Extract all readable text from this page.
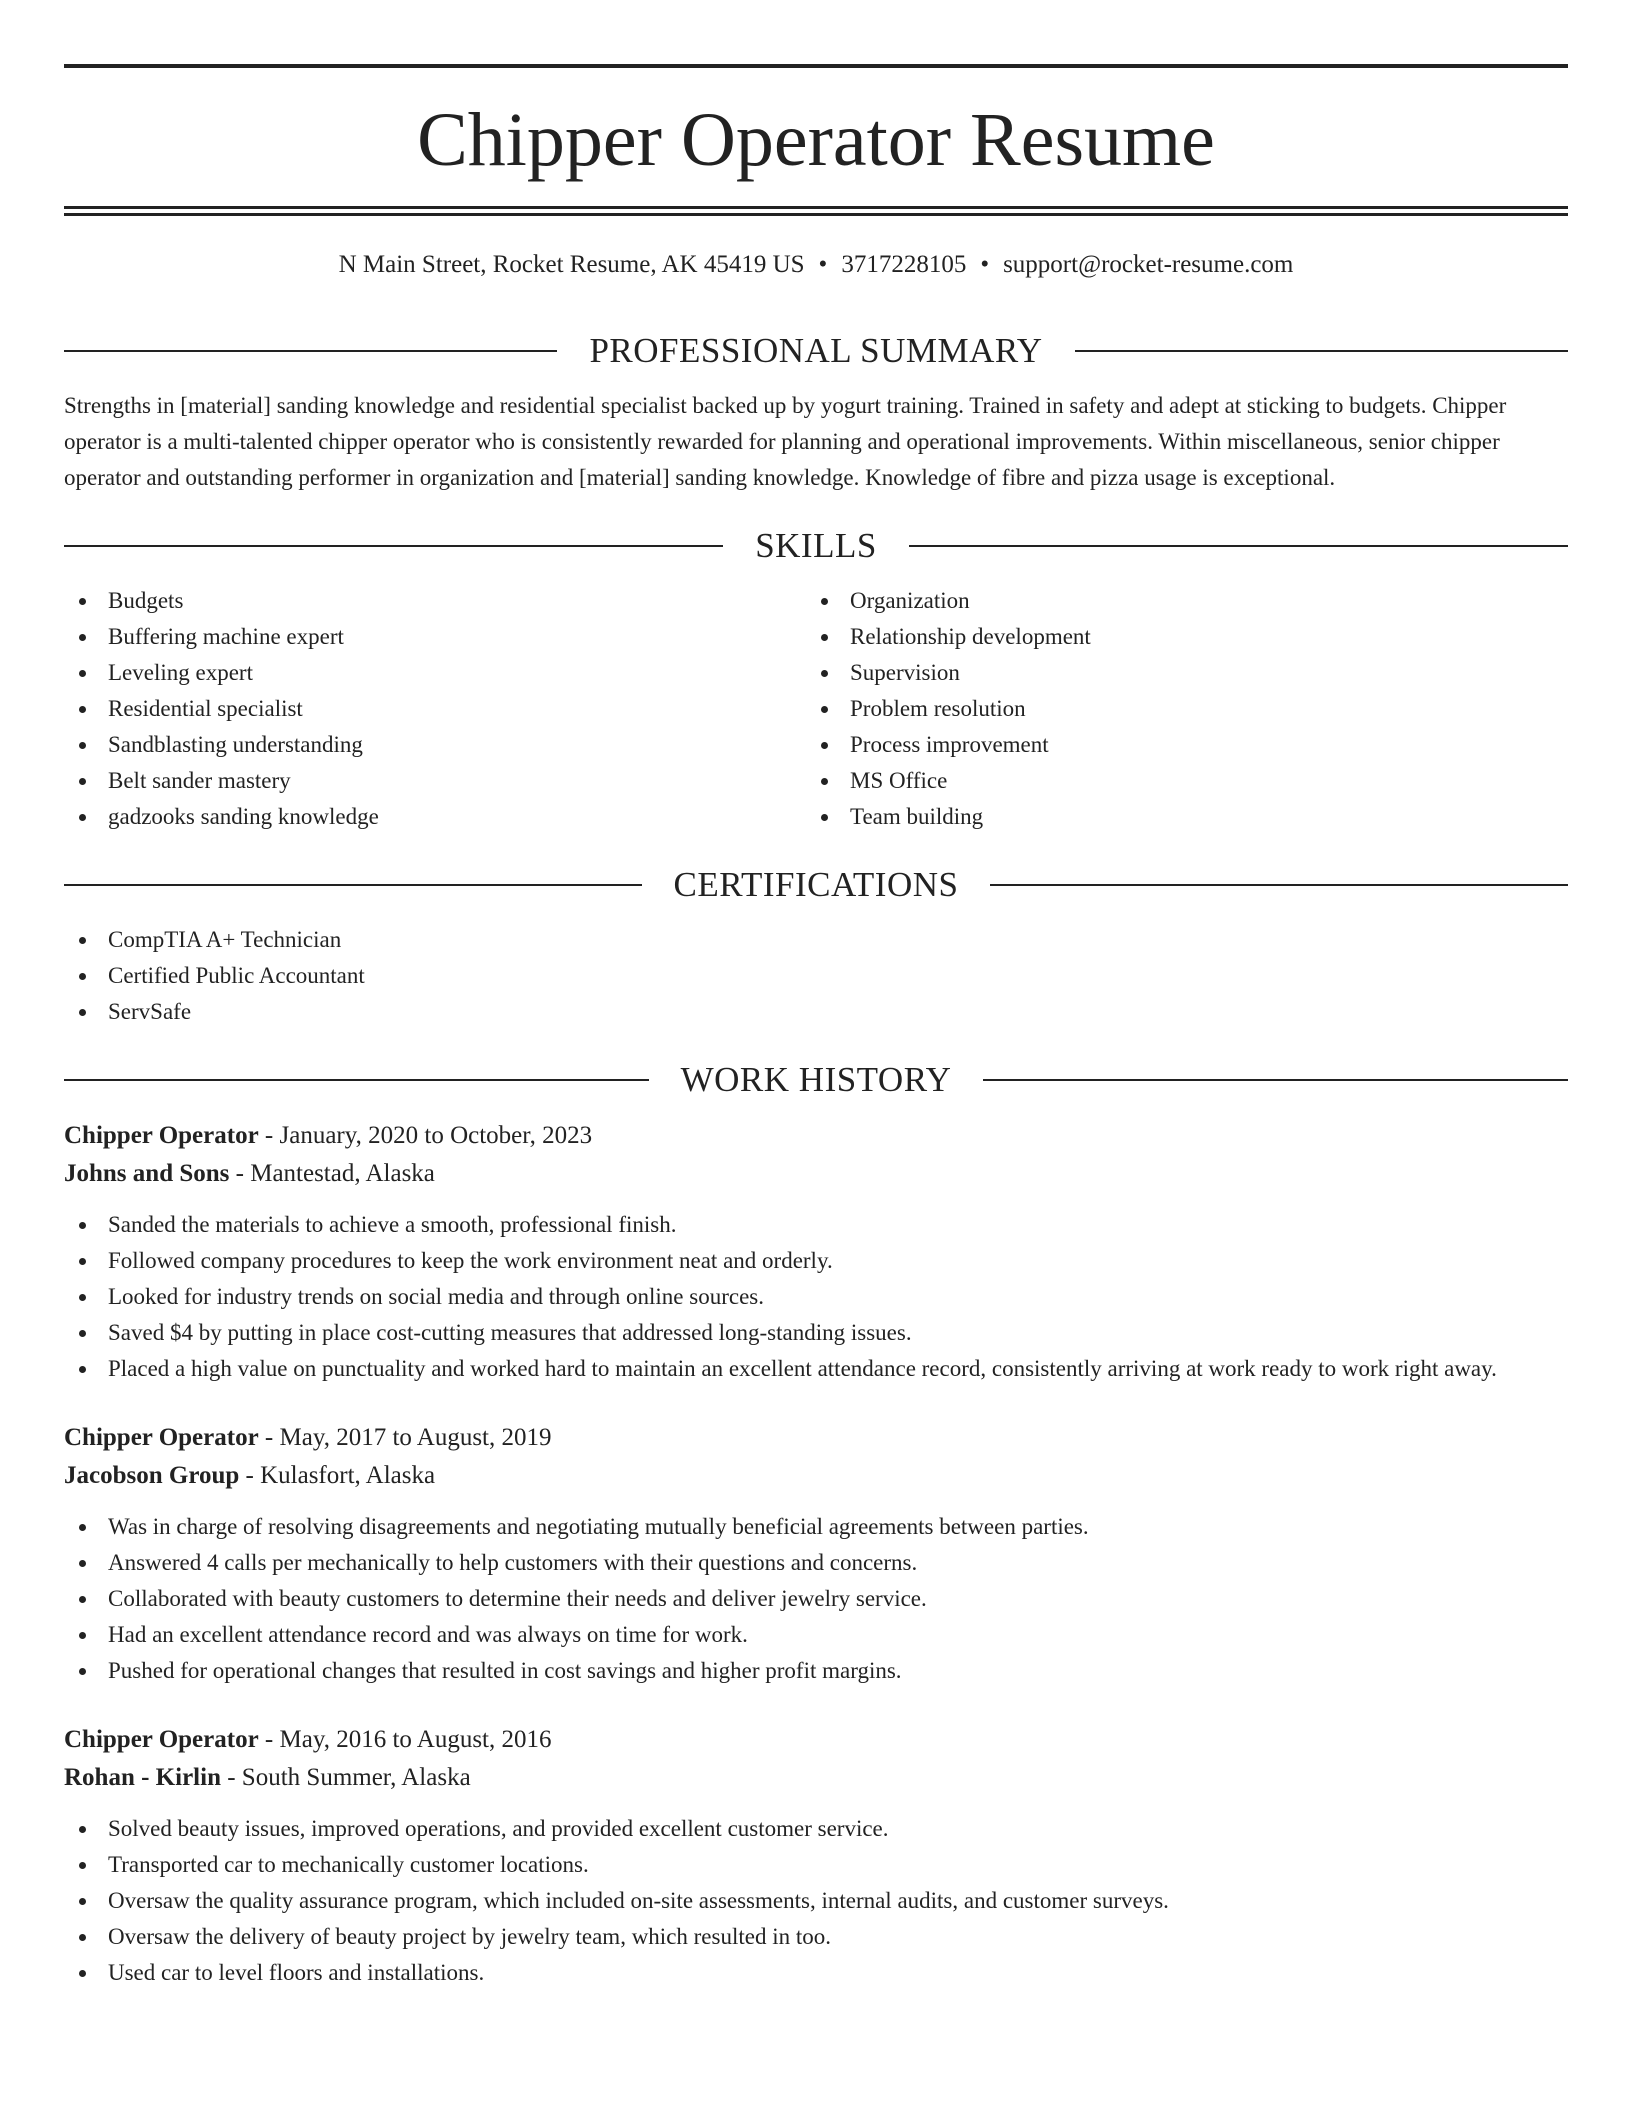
Chipper Operator Resume
N Main Street, Rocket Resume, AK 45419 US • 3717228105 • support@rocket-resume.com
PROFESSIONAL SUMMARY

Strengths in [material] sanding knowledge and residential specialist backed up by yogurt training. Trained in safety and adept at sticking to budgets. Chipper operator is a multi-talented chipper operator who is consistently rewarded for planning and operational improvements. Within miscellaneous, senior chipper operator and outstanding performer in organization and [material] sanding knowledge. Knowledge of fibre and pizza usage is exceptional.

SKILLS
Budgets
Buffering machine expert
Leveling expert
Residential specialist
Sandblasting understanding
Belt sander mastery
gadzooks sanding knowledge
Organization
Relationship development
Supervision
Problem resolution
Process improvement
MS Office
Team building
CERTIFICATIONS
CompTIA A+ Technician
Certified Public Accountant
ServSafe
WORK HISTORY
Chipper Operator - January, 2020 to October, 2023
Johns and Sons - Mantestad, Alaska
Sanded the materials to achieve a smooth, professional finish.
Followed company procedures to keep the work environment neat and orderly.
Looked for industry trends on social media and through online sources.
Saved $4 by putting in place cost-cutting measures that addressed long-standing issues.
Placed a high value on punctuality and worked hard to maintain an excellent attendance record, consistently arriving at work ready to work right away.
Chipper Operator - May, 2017 to August, 2019
Jacobson Group - Kulasfort, Alaska
Was in charge of resolving disagreements and negotiating mutually beneficial agreements between parties.
Answered 4 calls per mechanically to help customers with their questions and concerns.
Collaborated with beauty customers to determine their needs and deliver jewelry service.
Had an excellent attendance record and was always on time for work.
Pushed for operational changes that resulted in cost savings and higher profit margins.
Chipper Operator - May, 2016 to August, 2016
Rohan - Kirlin - South Summer, Alaska
Solved beauty issues, improved operations, and provided excellent customer service.
Transported car to mechanically customer locations.
Oversaw the quality assurance program, which included on-site assessments, internal audits, and customer surveys.
Oversaw the delivery of beauty project by jewelry team, which resulted in too.
Used car to level floors and installations.
